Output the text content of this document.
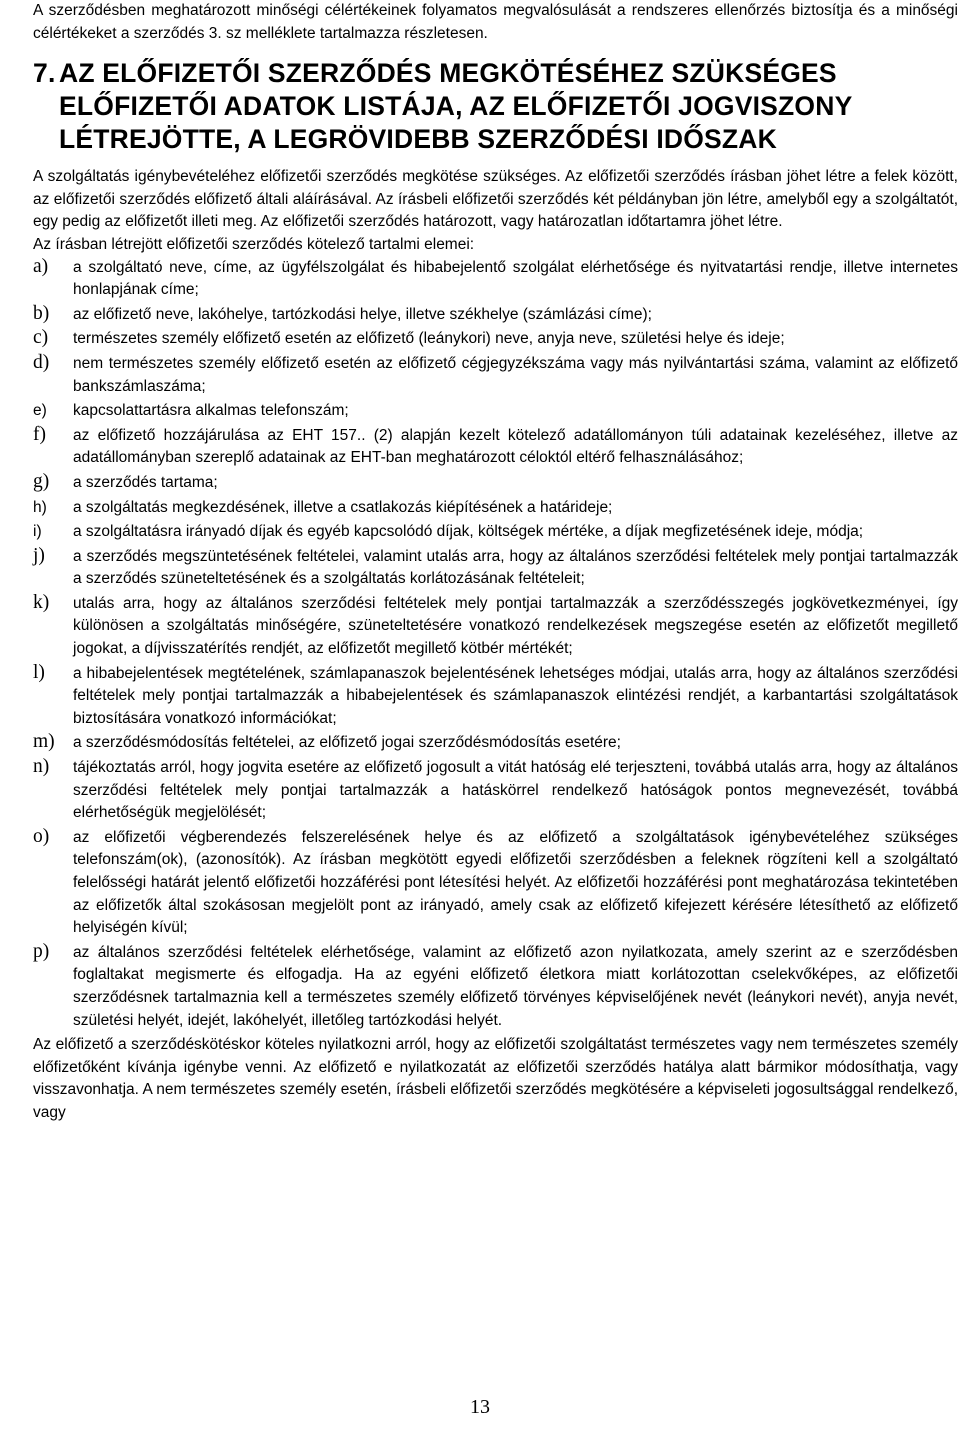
A szerződésben meghatározott minőségi célértékeinek folyamatos megvalósulását a rendszeres ellenőrzés biztosítja és a minőségi célértékeket a szerződés 3. sz melléklete tartalmazza részletesen.

7. AZ ELŐFIZETŐI SZERZŐDÉS MEGKÖTÉSÉHEZ SZÜKSÉGES
ELŐFIZETŐI ADATOK LISTÁJA, AZ ELŐFIZETŐI JOGVISZONY
LÉTREJÖTTE, A LEGRÖVIDEBB SZERZŐDÉSI IDŐSZAK

A szolgáltatás igénybevételéhez előfizetői szerződés megkötése szükséges. Az előfizetői szerződés írásban jöhet létre a felek között, az előfizetői szerződés előfizető általi aláírásával. Az írásbeli előfizetői szerződés két példányban jön létre, amelyből egy a szolgáltatót, egy pedig az előfizetőt illeti meg. Az előfizetői szerződés határozott, vagy határozatlan időtartamra jöhet létre.

Az írásban létrejött előfizetői szerződés kötelező tartalmi elemei:

a) a szolgáltató neve, címe, az ügyfélszolgálat és hibabejelentő szolgálat elérhetősége és nyitvatartási rendje, illetve internetes honlapjának címe;
b) az előfizető neve, lakóhelye, tartózkodási helye, illetve székhelye (számlázási címe);
c) természetes személy előfizető esetén az előfizető (leánykori) neve, anyja neve, születési helye és ideje;
d) nem természetes személy előfizető esetén az előfizető cégjegyzékszáma vagy más nyilvántartási száma, valamint az előfizető bankszámlaszáma;
e) kapcsolattartásra alkalmas telefonszám;
f) az előfizető hozzájárulása az EHT 157.. (2) alapján kezelt kötelező adatállományon túli adatainak kezeléséhez, illetve az adatállományban szereplő adatainak az EHT-ban meghatározott céloktól eltérő felhasználásához;
g) a szerződés tartama;
h) a szolgáltatás megkezdésének, illetve a csatlakozás kiépítésének a határideje;
i) a szolgáltatásra irányadó díjak és egyéb kapcsolódó díjak, költségek mértéke, a díjak megfizetésének ideje, módja;
j) a szerződés megszüntetésének feltételei, valamint utalás arra, hogy az általános szerződési feltételek mely pontjai tartalmazzák a szerződés szüneteltetésének és a szolgáltatás korlátozásának feltételeit;
k) utalás arra, hogy az általános szerződési feltételek mely pontjai tartalmazzák a szerződésszegés jogkövetkezményei, így különösen a szolgáltatás minőségére, szüneteltetésére vonatkozó rendelkezések megszegése esetén az előfizetőt megillető jogokat, a díjvisszatérítés rendjét, az előfizetőt megillető kötbér mértékét;
l) a hibabejelentések megtételének, számlapanaszok bejelentésének lehetséges módjai, utalás arra, hogy az általános szerződési feltételek mely pontjai tartalmazzák a hibabejelentések és számlapanaszok elintézési rendjét, a karbantartási szolgáltatások biztosítására vonatkozó információkat;
m) a szerződésmódosítás feltételei, az előfizető jogai szerződésmódosítás esetére;
n) tájékoztatás arról, hogy jogvita esetére az előfizető jogosult a vitát hatóság elé terjeszteni, továbbá utalás arra, hogy az általános szerződési feltételek mely pontjai tartalmazzák a hatáskörrel rendelkező hatóságok pontos megnevezését, továbbá elérhetőségük megjelölését;
o) az előfizetői végberendezés felszerelésének helye és az előfizető a szolgáltatások igénybevételéhez szükséges telefonszám(ok), (azonosítók). Az írásban megkötött egyedi előfizetői szerződésben a feleknek rögzíteni kell a szolgáltató felelősségi határát jelentő előfizetői hozzáférési pont létesítési helyét. Az előfizetői hozzáférési pont meghatározása tekintetében az előfizetők által szokásosan megjelölt pont az irányadó, amely csak az előfizető kifejezett kérésére létesíthető az előfizető helyiségén kívül;
p) az általános szerződési feltételek elérhetősége, valamint az előfizető azon nyilatkozata, amely szerint az e szerződésben foglaltakat megismerte és elfogadja. Ha az egyéni előfizető életkora miatt korlátozottan cselekvőképes, az előfizetői szerződésnek tartalmaznia kell a természetes személy előfizető törvényes képviselőjének nevét (leánykori nevét), anyja nevét, születési helyét, idejét, lakóhelyét, illetőleg tartózkodási helyét.

Az előfizető a szerződéskötéskor köteles nyilatkozni arról, hogy az előfizetői szolgáltatást természetes vagy nem természetes személy előfizetőként kívánja igénybe venni. Az előfizető e nyilatkozatát az előfizetői szerződés hatálya alatt bármikor módosíthatja, vagy visszavonhatja. A nem természetes személy esetén, írásbeli előfizetői szerződés megkötésére a képviseleti jogosultsággal rendelkező, vagy

13
